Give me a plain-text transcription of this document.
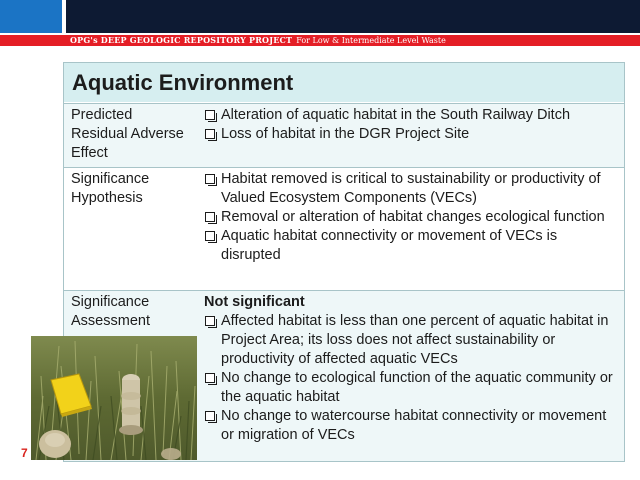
OPG's DEEP GEOLOGIC REPOSITORY PROJECT For Low & Intermediate Level Waste
Aquatic Environment
Predicted Residual Adverse Effect
Alteration of aquatic habitat in the South Railway Ditch
Loss of habitat in the DGR Project Site
Significance Hypothesis
Habitat removed is critical to sustainability or productivity of Valued Ecosystem Components (VECs)
Removal or alteration of habitat changes ecological function
Aquatic habitat connectivity or movement of VECs is disrupted
Significance Assessment
Not significant
Affected habitat is less than one percent of aquatic habitat in Project Area; its loss does not affect sustainability or productivity of affected aquatic VECs
No change to ecological function of the aquatic community or the aquatic habitat
No change to watercourse habitat connectivity or movement or migration of VECs
7
